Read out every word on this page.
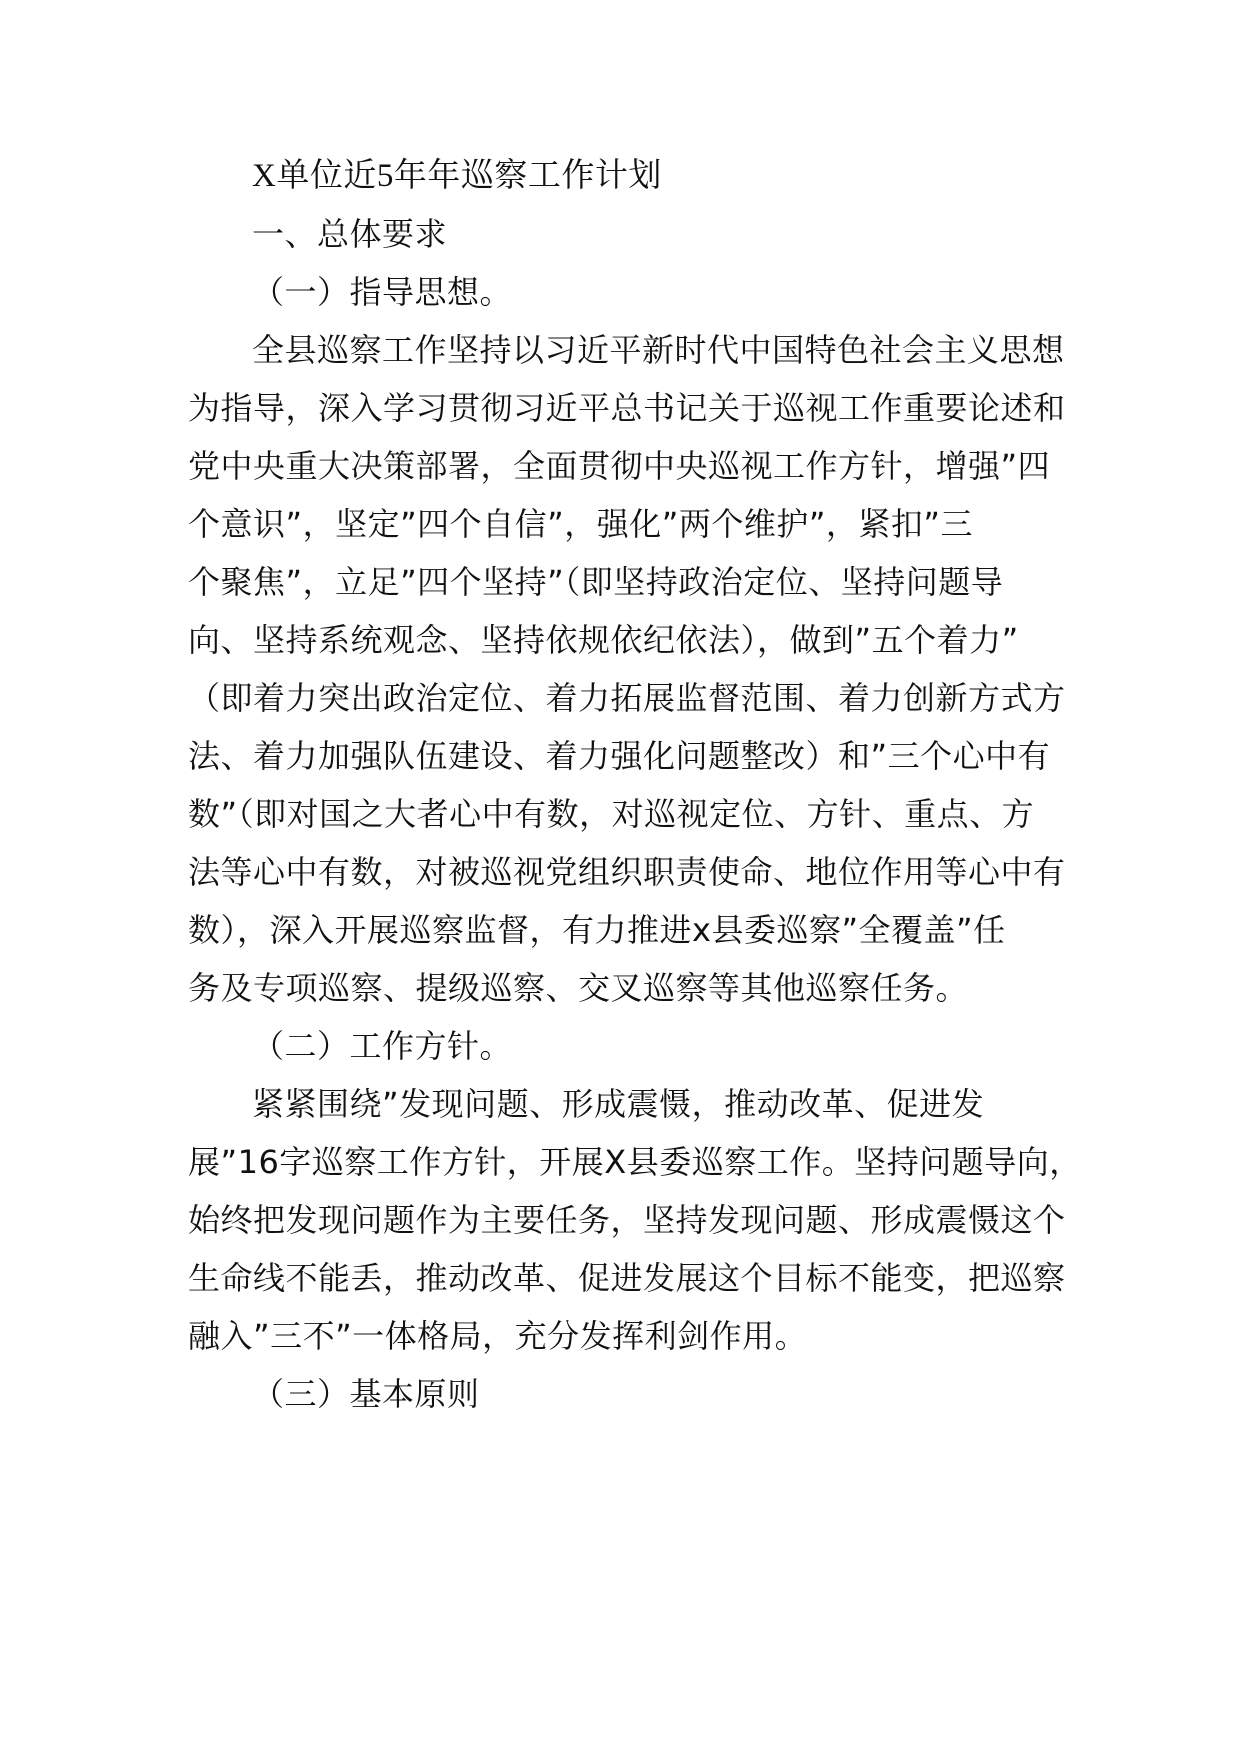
X单位近5年年巡察工作计划
一、总体要求
（一）指导思想。
全县巡察工作坚持以习近平新时代中国特色社会主义思想
为指导，深入学习贯彻习近平总书记关于巡视工作重要论述和
党中央重大决策部署，全面贯彻中央巡视工作方针，增强”四
个意识”，坚定”四个自信”，强化”两个维护”，紧扣”三
个聚焦”，立足”四个坚持”（即坚持政治定位、坚持问题导
向、坚持系统观念、坚持依规依纪依法），做到”五个着力”
（即着力突出政治定位、着力拓展监督范围、着力创新方式方
法、着力加强队伍建设、着力强化问题整改）和”三个心中有
数”（即对国之大者心中有数，对巡视定位、方针、重点、方
法等心中有数，对被巡视党组织职责使命、地位作用等心中有
数），深入开展巡察监督，有力推进x县委巡察”全覆盖”任
务及专项巡察、提级巡察、交叉巡察等其他巡察任务。
（二）工作方针。
紧紧围绕”发现问题、形成震慑，推动改革、促进发
展”16字巡察工作方针，开展X县委巡察工作。坚持问题导向，
始终把发现问题作为主要任务，坚持发现问题、形成震慑这个
生命线不能丢，推动改革、促进发展这个目标不能变，把巡察
融入”三不”一体格局，充分发挥利剑作用。
（三）基本原则
